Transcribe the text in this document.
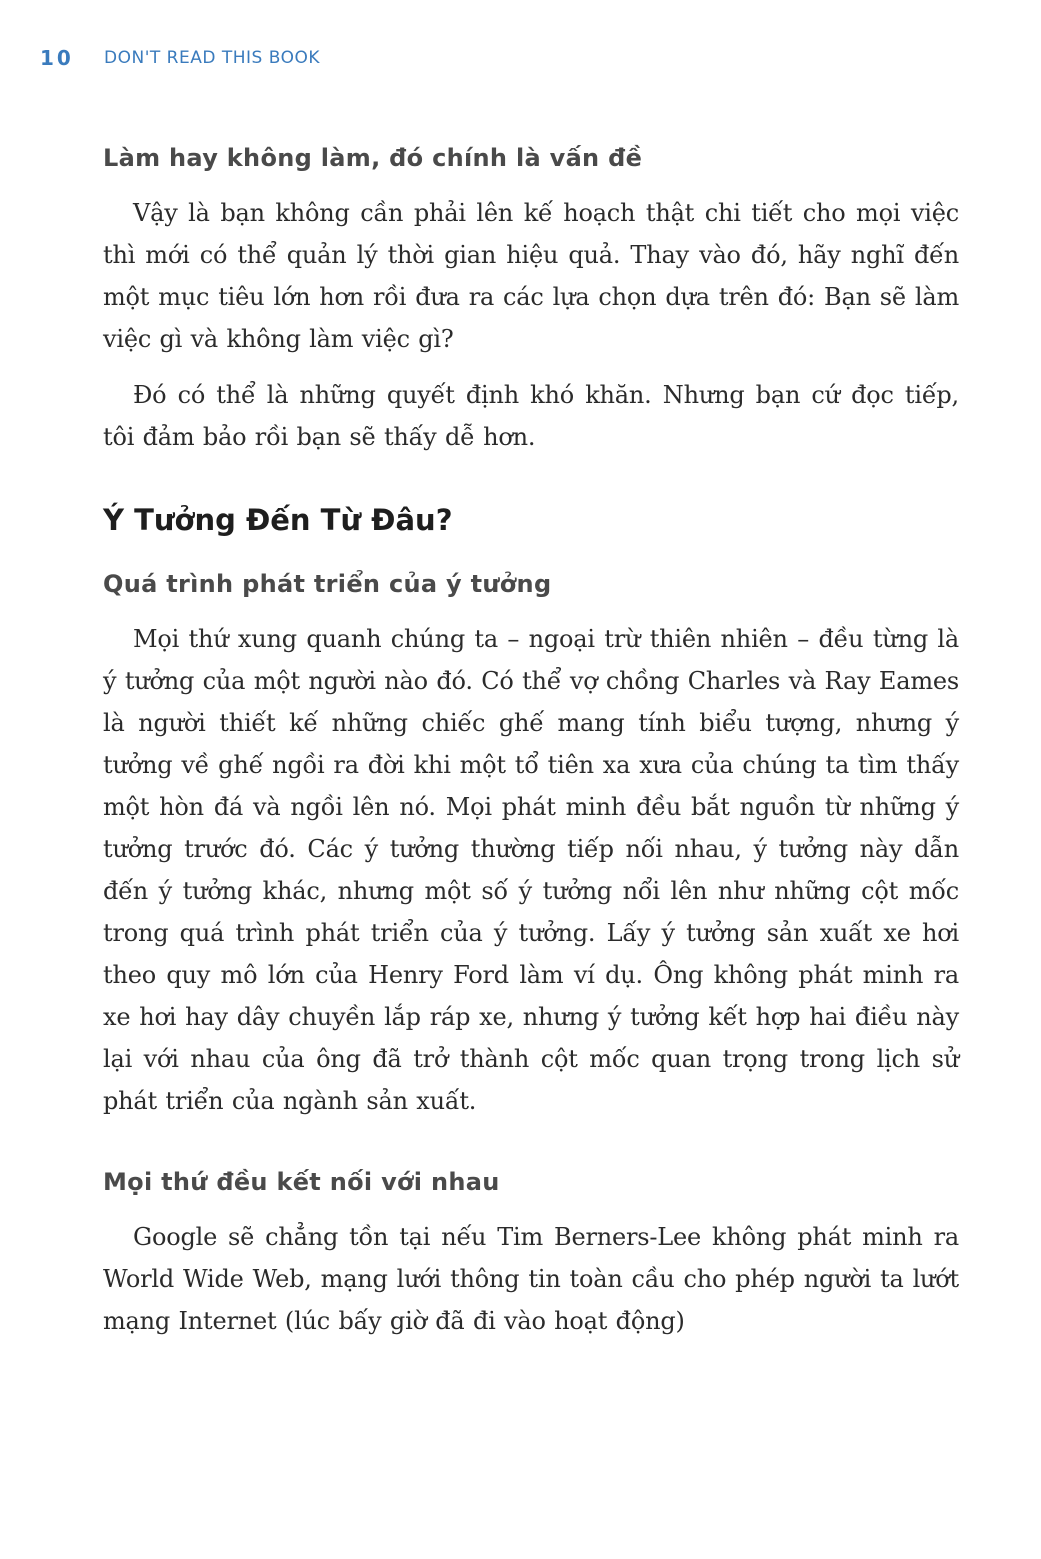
10	DON'T READ THIS BOOK
Làm hay không làm, đó chính là vấn đề

Vậy là bạn không cần phải lên kế hoạch thật chi tiết cho mọi việc thì mới có thể quản lý thời gian hiệu quả. Thay vào đó, hãy nghĩ đến một mục tiêu lớn hơn rồi đưa ra các lựa chọn dựa trên đó: Bạn sẽ làm việc gì và không làm việc gì?

Đó có thể là những quyết định khó khăn. Nhưng bạn cứ đọc tiếp, tôi đảm bảo rồi bạn sẽ thấy dễ hơn.

Ý Tưởng Đến Từ Đâu?
Quá trình phát triển của ý tưởng

Mọi thứ xung quanh chúng ta – ngoại trừ thiên nhiên – đều từng là ý tưởng của một người nào đó. Có thể vợ chồng Charles và Ray Eames là người thiết kế những chiếc ghế mang tính biểu tượng, nhưng ý tưởng về ghế ngồi ra đời khi một tổ tiên xa xưa của chúng ta tìm thấy một hòn đá và ngồi lên nó. Mọi phát minh đều bắt nguồn từ những ý tưởng trước đó. Các ý tưởng thường tiếp nối nhau, ý tưởng này dẫn đến ý tưởng khác, nhưng một số ý tưởng nổi lên như những cột mốc trong quá trình phát triển của ý tưởng. Lấy ý tưởng sản xuất xe hơi theo quy mô lớn của Henry Ford làm ví dụ. Ông không phát minh ra xe hơi hay dây chuyền lắp ráp xe, nhưng ý tưởng kết hợp hai điều này lại với nhau của ông đã trở thành cột mốc quan trọng trong lịch sử phát triển của ngành sản xuất.

Mọi thứ đều kết nối với nhau

Google sẽ chẳng tồn tại nếu Tim Berners-Lee không phát minh ra World Wide Web, mạng lưới thông tin toàn cầu cho phép người ta lướt mạng Internet (lúc bấy giờ đã đi vào hoạt động)
